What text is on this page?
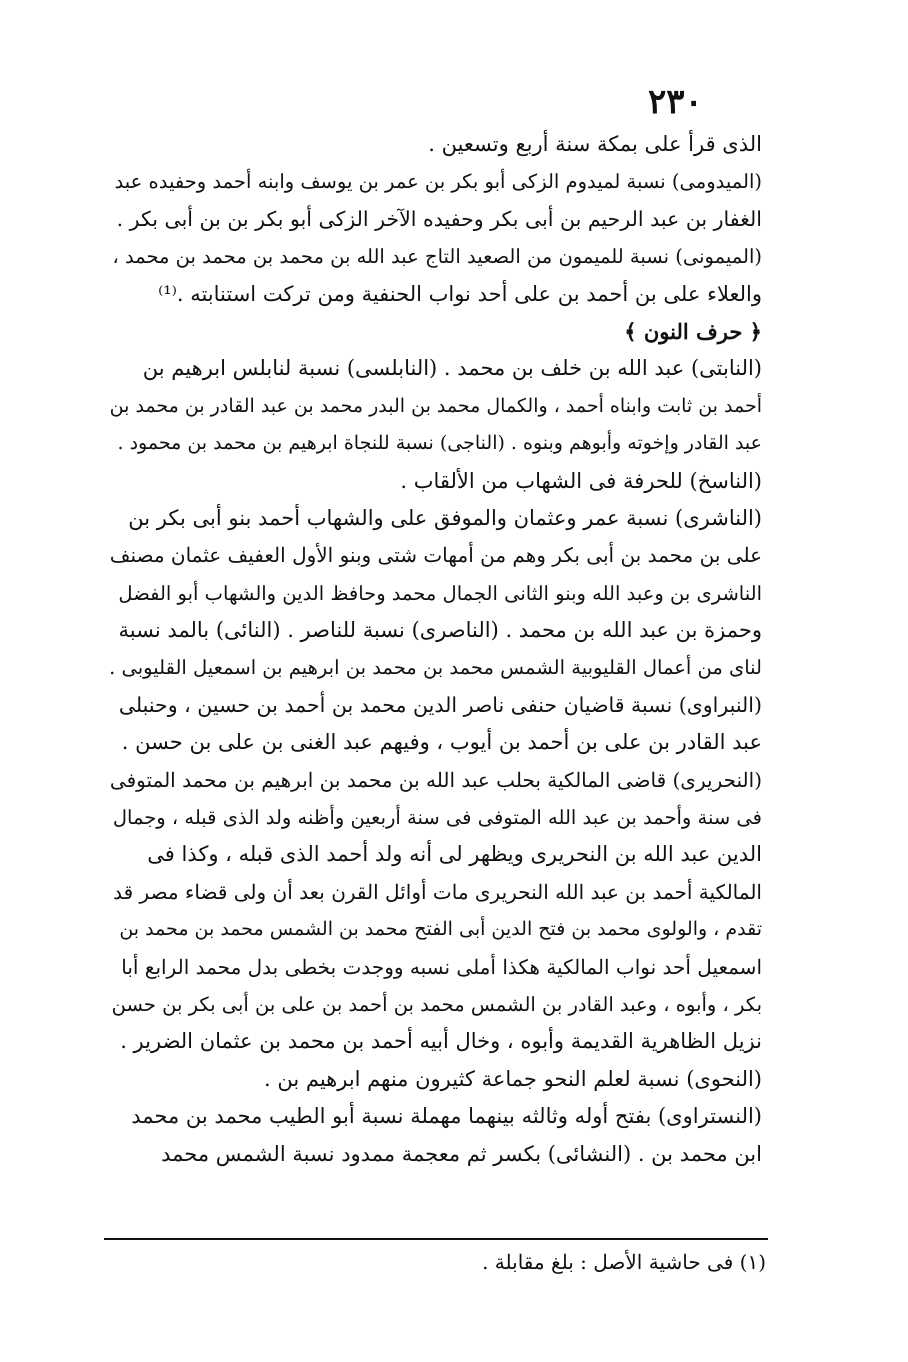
٢٣٠
الذى قرأ على بمكة سنة أربع وتسعين .
(الميدومى) نسبة لميدوم الزكى أبو بكر بن عمر بن يوسف وابنه أحمد وحفيده عبد
الغفار بن عبد الرحيم بن أبى بكر وحفيده الآخر الزكى أبو بكر بن بن أبى بكر .
(الميمونى) نسبة للميمون من الصعيد التاج عبد الله بن محمد بن محمد بن محمد ،
والعلاء على بن أحمد بن على أحد نواب الحنفية ومن تركت استنابته .⁽¹⁾
﴿ حرف النون ﴾
(النابتى) عبد الله بن خلف بن محمد . (النابلسى) نسبة لنابلس ابرهيم بن
أحمد بن ثابت وابناه أحمد ، والكمال محمد بن البدر محمد بن عبد القادر بن محمد بن
عبد القادر وإخوته وأبوهم وبنوه . (الناجى) نسبة للنجاة ابرهيم بن محمد بن محمود .
(الناسخ) للحرفة فى الشهاب من الألقاب .
(الناشرى) نسبة عمر وعثمان والموفق على والشهاب أحمد بنو أبى بكر بن
على بن محمد بن أبى بكر وهم من أمهات شتى وبنو الأول العفيف عثمان مصنف
الناشرى بن وعبد الله وبنو الثانى الجمال محمد وحافظ الدين والشهاب أبو الفضل
وحمزة بن عبد الله بن محمد . (الناصرى) نسبة للناصر . (النائى) بالمد نسبة
لناى من أعمال القليوبية الشمس محمد بن محمد بن ابرهيم بن اسمعيل القليوبى .
(النبراوى) نسبة قاضيان حنفى ناصر الدين محمد بن أحمد بن حسين ، وحنبلى
عبد القادر بن على بن أحمد بن أيوب ، وفيهم عبد الغنى بن على بن حسن .
(النحريرى) قاضى المالكية بحلب عبد الله بن محمد بن ابرهيم بن محمد المتوفى
فى سنة وأحمد بن عبد الله المتوفى فى سنة أربعين وأظنه ولد الذى قبله ، وجمال
الدين عبد الله بن النحريرى ويظهر لى أنه ولد أحمد الذى قبله ، وكذا فى
المالكية أحمد بن عبد الله النحريرى مات أوائل القرن بعد أن ولى قضاء مصر قد
تقدم ، والولوى محمد بن فتح الدين أبى الفتح محمد بن الشمس محمد بن محمد بن
اسمعيل أحد نواب المالكية هكذا أملى نسبه ووجدت بخطى بدل محمد الرابع أبا
بكر ، وأبوه ، وعبد القادر بن الشمس محمد بن أحمد بن على بن أبى بكر بن حسن
نزيل الظاهرية القديمة وأبوه ، وخال أبيه أحمد بن محمد بن عثمان الضرير .
(النحوى) نسبة لعلم النحو جماعة كثيرون منهم ابرهيم بن .
(النستراوى) بفتح أوله وثالثه بينهما مهملة نسبة أبو الطيب محمد بن محمد
ابن محمد بن . (النشائى) بكسر ثم معجمة ممدود نسبة الشمس محمد
(١) فى حاشية الأصل : بلغ مقابلة .
